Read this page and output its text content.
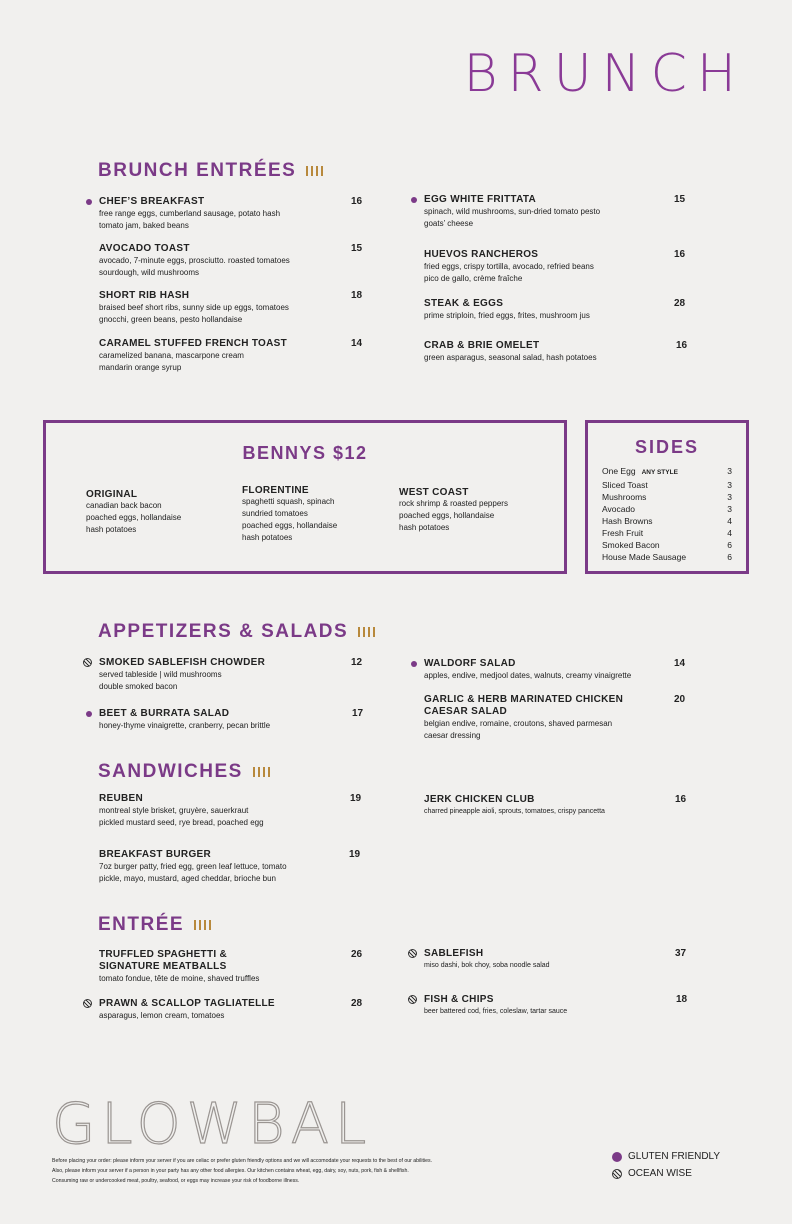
BRUNCH
BRUNCH ENTRÉES
CHEF’S BREAKFAST
free range eggs, cumberland sausage, potato hash
tomato jam, baked beans
16
AVOCADO TOAST
avocado, 7-minute eggs, prosciutto. roasted tomatoes
sourdough, wild mushrooms
15
SHORT RIB HASH
braised beef short ribs, sunny side up eggs, tomatoes
gnocchi, green beans, pesto hollandaise
18
CARAMEL STUFFED FRENCH TOAST
caramelized banana, mascarpone cream
mandarin orange syrup
14
EGG WHITE FRITTATA
spinach, wild mushrooms, sun-dried tomato pesto
goats’ cheese
15
HUEVOS RANCHEROS
fried eggs, crispy tortilla, avocado, refried beans
pico de gallo, crème fraîche
16
STEAK & EGGS
prime striploin, fried eggs, frites, mushroom jus
28
CRAB & BRIE OMELET
green asparagus, seasonal salad, hash potatoes
16
BENNYS $12
ORIGINAL
canadian back bacon
poached eggs, hollandaise
hash potatoes
FLORENTINE
spaghetti squash, spinach
sundried tomatoes
poached eggs, hollandaise
hash potatoes
WEST COAST
rock shrimp & roasted peppers
poached eggs, hollandaise
hash potatoes
SIDES
One Egg ANY STYLE	3
Sliced Toast	3
Mushrooms	3
Avocado	3
Hash Browns	4
Fresh Fruit	4
Smoked Bacon	6
House Made Sausage	6
APPETIZERS & SALADS
SMOKED SABLEFISH CHOWDER
served tableside | wild mushrooms
double smoked bacon
12
BEET & BURRATA SALAD
honey-thyme vinaigrette, cranberry, pecan brittle
17
WALDORF SALAD
apples, endive, medjool dates, walnuts, creamy vinaigrette
14
GARLIC & HERB MARINATED CHICKEN
CAESAR SALAD
belgian endive, romaine, croutons, shaved parmesan
caesar dressing
20
SANDWICHES
REUBEN
montreal style brisket, gruyère, sauerkraut
pickled mustard seed, rye bread, poached egg
19
BREAKFAST BURGER
7oz burger patty, fried egg, green leaf lettuce, tomato
pickle, mayo, mustard, aged cheddar, brioche bun
19
JERK CHICKEN CLUB
charred pineapple aioli, sprouts, tomatoes, crispy pancetta
16
ENTRÉE
TRUFFLED SPAGHETTI &
SIGNATURE MEATBALLS
tomato fondue, tête de moine, shaved truffles
26
PRAWN & SCALLOP TAGLIATELLE
asparagus, lemon cream, tomatoes
28
SABLEFISH
miso dashi, bok choy, soba noodle salad
37
FISH & CHIPS
beer battered cod, fries, coleslaw, tartar sauce
18
GLOWBAL
Before placing your order: please inform your server if you are celiac or prefer gluten friendly options and we will accomodate your requests to the best of our abilities.
Also, please inform your server if a person in your party has any other food allergies. Our kitchen contains wheat, egg, dairy, soy, nuts, pork, fish & shellfish.
Consuming raw or undercooked meat, poultry, seafood, or eggs may increase your risk of foodborne illness.
GLUTEN FRIENDLY
OCEAN WISE
